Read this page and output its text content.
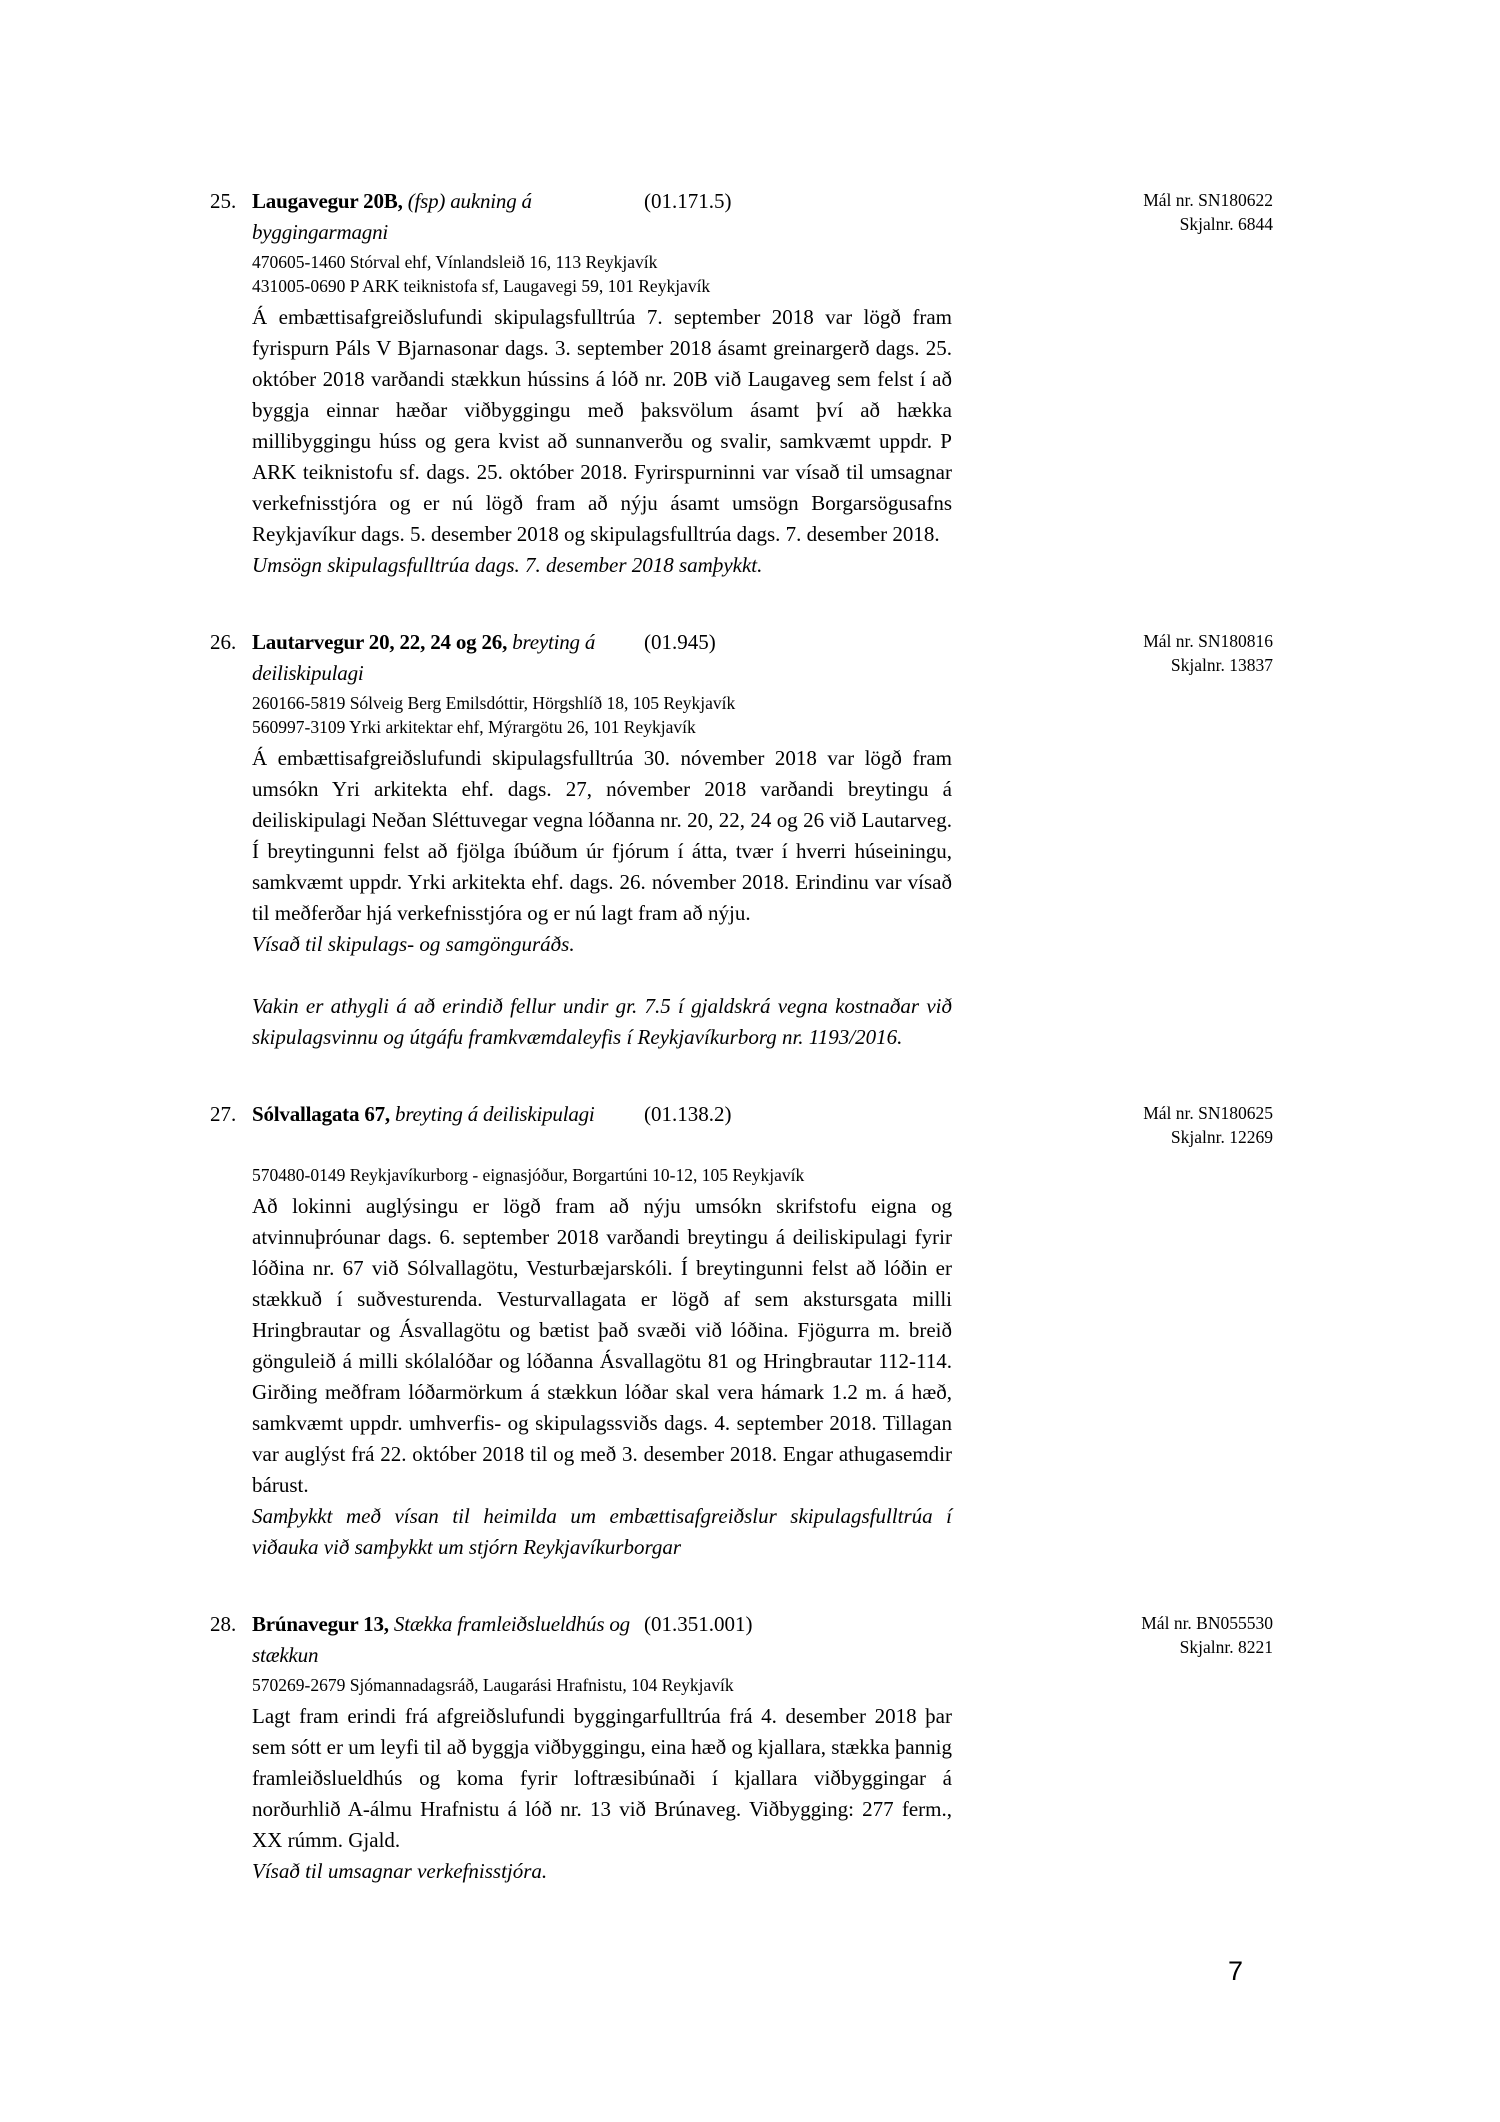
25. Laugavegur 20B, (fsp) aukning á byggingarmagni
(01.171.5)	Mál nr. SN180622
Skjalnr. 6844
470605-1460 Stórval ehf, Vínlandsleið 16, 113 Reykjavík
431005-0690 P ARK teiknistofa sf, Laugavegi 59, 101 Reykjavík

Á embættisafgreiðslufundi skipulagsfulltrúa 7. september 2018 var lögð fram fyrispurn Páls V Bjarnasonar dags. 3. september 2018 ásamt greinargerð dags. 25. október 2018 varðandi stækkun hússins á lóð nr. 20B við Laugaveg sem felst í að byggja einnar hæðar viðbyggingu með þaksvölum ásamt því að hækka millibyggingu húss og gera kvist að sunnanverðu og svalir, samkvæmt uppdr. P ARK teiknistofu sf. dags. 25. október 2018. Fyrirspurninni var vísað til umsagnar verkefnisstjóra og er nú lögð fram að nýju ásamt umsögn Borgarsögusafns Reykjavíkur dags. 5. desember 2018 og skipulagsfulltrúa dags. 7. desember 2018.

Umsögn skipulagsfulltrúa dags. 7. desember 2018 samþykkt.

26. Lautarvegur 20, 22, 24 og 26, breyting á deiliskipulagi
(01.945)	Mál nr. SN180816
Skjalnr. 13837
260166-5819 Sólveig Berg Emilsdóttir, Hörgshlíð 18, 105 Reykjavík
560997-3109 Yrki arkitektar ehf, Mýrargötu 26, 101 Reykjavík

Á embættisafgreiðslufundi skipulagsfulltrúa 30. nóvember 2018 var lögð fram umsókn Yri arkitekta ehf. dags. 27, nóvember 2018 varðandi breytingu á deiliskipulagi Neðan Sléttuvegar vegna lóðanna nr. 20, 22, 24 og 26 við Lautarveg. Í breytingunni felst að fjölga íbúðum úr fjórum í átta, tvær í hverri húseiningu, samkvæmt uppdr. Yrki arkitekta ehf. dags. 26. nóvember 2018. Erindinu var vísað til meðferðar hjá verkefnisstjóra og er nú lagt fram að nýju.

Vísað til skipulags- og samgönguráðs.

Vakin er athygli á að erindið fellur undir gr. 7.5 í gjaldskrá vegna kostnaðar við skipulagsvinnu og útgáfu framkvæmdaleyfis í Reykjavíkurborg nr. 1193/2016.

27. Sólvallagata 67, breyting á deiliskipulagi	(01.138.2)	Mál nr. SN180625
Skjalnr. 12269
570480-0149 Reykjavíkurborg - eignasjóður, Borgartúni 10-12, 105 Reykjavík

Að lokinni auglýsingu er lögð fram að nýju umsókn skrifstofu eigna og atvinnuþróunar dags. 6. september 2018 varðandi breytingu á deiliskipulagi fyrir lóðina nr. 67 við Sólvallagötu, Vesturbæjarskóli. Í breytingunni felst að lóðin er stækkuð í suðvesturenda. Vesturvallagata er lögð af sem akstursgata milli Hringbrautar og Ásvallagötu og bætist það svæði við lóðina. Fjögurra m. breið gönguleið á milli skólalóðar og lóðanna Ásvallagötu 81 og Hringbrautar 112-114. Girðing meðfram lóðarmörkum á stækkun lóðar skal vera hámark 1.2 m. á hæð, samkvæmt uppdr. umhverfis- og skipulagssviðs dags. 4. september 2018. Tillagan var auglýst frá 22. október 2018 til og með 3. desember 2018. Engar athugasemdir bárust.

Samþykkt með vísan til heimilda um embættisafgreiðslur skipulagsfulltrúa í viðauka við samþykkt um stjórn Reykjavíkurborgar

28. Brúnavegur 13, Stækka framleiðslueldhús og stækkun
(01.351.001)	Mál nr. BN055530
Skjalnr. 8221
570269-2679 Sjómannadagsráð, Laugarási Hrafnistu, 104 Reykjavík

Lagt fram erindi frá afgreiðslufundi byggingarfulltrúa frá 4. desember 2018 þar sem sótt er um leyfi til að byggja viðbyggingu, eina hæð og kjallara, stækka þannig framleiðslueldhús og koma fyrir loftræsibúnaði í kjallara viðbyggingar á norðurhlið A-álmu Hrafnistu á lóð nr. 13 við Brúnaveg. Viðbygging: 277 ferm., XX rúmm. Gjald.

Vísað til umsagnar verkefnisstjóra.

7
